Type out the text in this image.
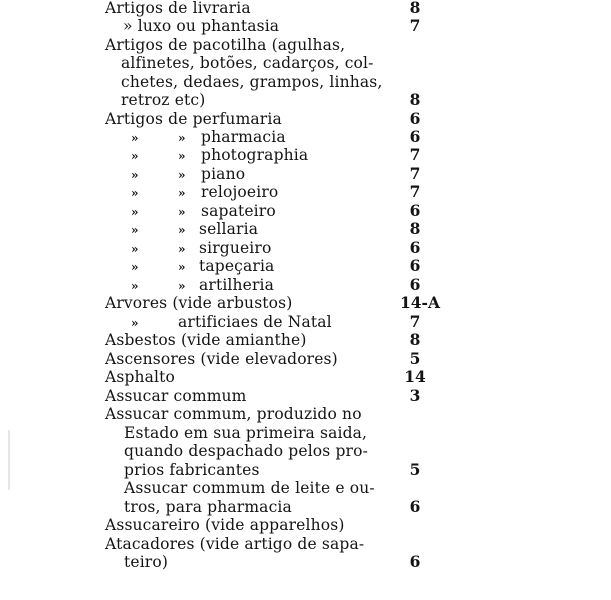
Artigos de livraria	8
» luxo ou phantasia	7
Artigos de pacotilha (agulhas,
alfinetes, botões, cadarços, col-
chetes, dedaes, grampos, linhas,
retroz etc)	8
Artigos de perfumaria	6
»	» pharmacia	6
»	» photographia	7
»	» piano	7
»	» relojoeiro	7
»	» sapateiro	6
»	» sellaria	8
»	» sirgueiro	6
»	» tapeçaria	6
»	» artilheria	6
Arvores (vide arbustos)	14-A
»	artificiaes de Natal	7
Asbestos (vide amianthe)	8
Ascensores (vide elevadores)	5
Asphalto	14
Assucar commum	3
Assucar commum, produzido no
Estado em sua primeira saida,
quando despachado pelos pro-
prios fabricantes	5
Assucar commum de leite e ou-
tros, para pharmacia	6
Assucareiro (vide apparelhos)
Atacadores (vide artigo de sapa-
teiro)	6
